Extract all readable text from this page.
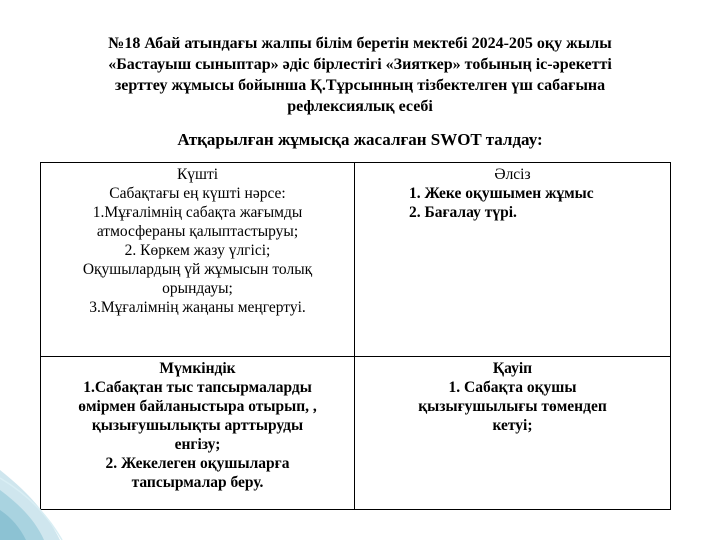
№18 Абай атындағы жалпы білім беретін мектебі 2024-205 оқу жылы
«Бастауыш сыныптар» әдіс бірлестігі «Зияткер» тобының іс-әрекетті
зерттеу жұмысы бойынша Қ.Тұрсынның тізбектелген үш сабағына
рефлексиялық есебі
Атқарылған жұмысқа жасалған SWOT талдау:
Күшті
Сабақтағы ең күшті нәрсе:
1.Мұғалімнің сабақта жағымды
атмосфераны қалыптастыруы;
2. Көркем жазу үлгісі;
Оқушылардың үй жұмысын толық
орындауы;
3.Мұғалімнің жаңаны меңгертуі.
Әлсіз
1. Жеке оқушымен жұмыс
2. Бағалау түрі.
Мүмкіндік
1.Сабақтан тыс тапсырмаларды
өмірмен байланыстыра отырып, ,
қызығушылықты арттыруды
енгізу;
2. Жекелеген оқушыларға
тапсырмалар беру.
Қауіп
1. Сабақта оқушы
қызығушылығы төмендеп
кетуі;
